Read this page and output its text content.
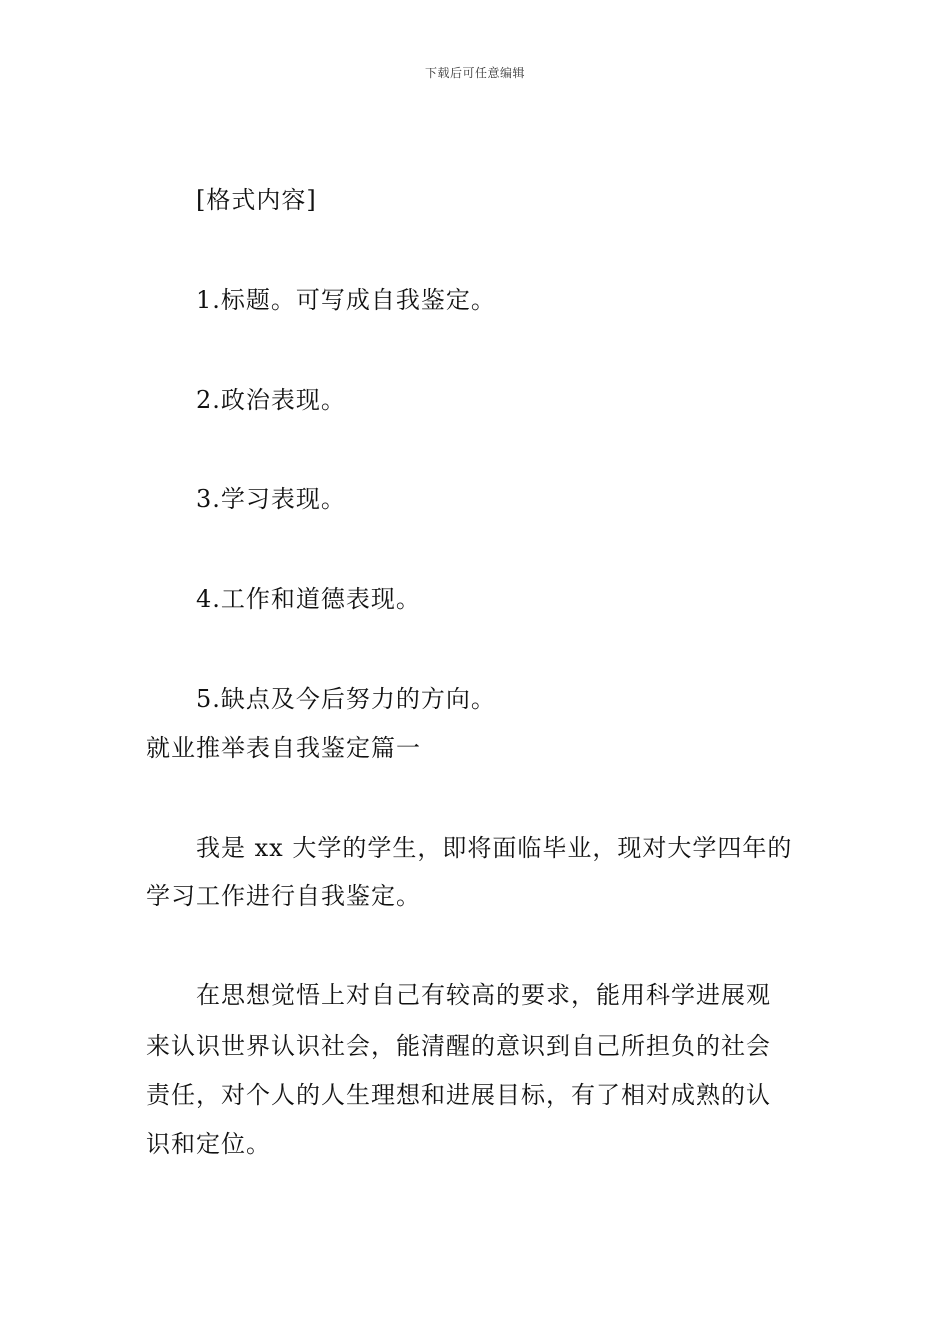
下载后可任意编辑
[格式内容]
1.标题。可写成自我鉴定。
2.政治表现。
3.学习表现。
4.工作和道德表现。
5.缺点及今后努力的方向。
就业推举表自我鉴定篇一
我是 xx 大学的学生，即将面临毕业，现对大学四年的
学习工作进行自我鉴定。
在思想觉悟上对自己有较高的要求，能用科学进展观
来认识世界认识社会，能清醒的意识到自己所担负的社会
责任，对个人的人生理想和进展目标，有了相对成熟的认
识和定位。
